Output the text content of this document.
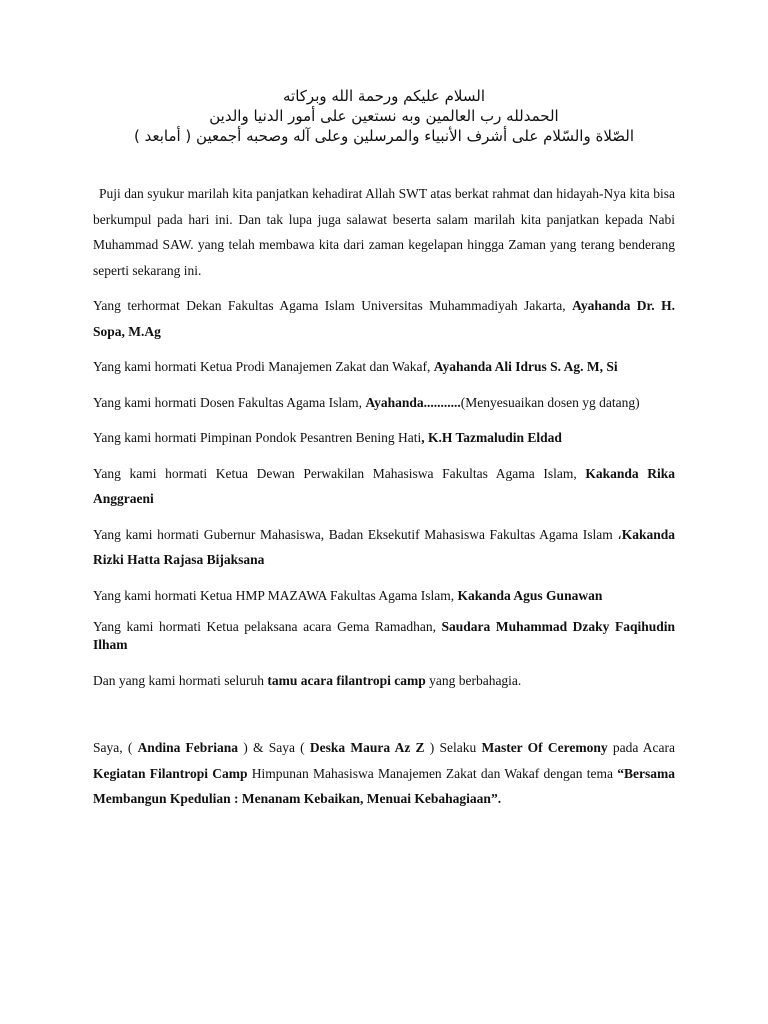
السلام عليكم ورحمة الله وبركاته
الحمدلله رب العالمين وبه نستعين على أمور الدنيا والدين
الصّلاة والسّلام على أشرف الأنبياء والمرسلين وعلى آله وصحبه أجمعين ( أمابعد )

Puji dan syukur marilah kita panjatkan kehadirat Allah SWT atas berkat rahmat dan hidayah-Nya kita bisa berkumpul pada hari ini. Dan tak lupa juga salawat beserta salam marilah kita panjatkan kepada Nabi Muhammad SAW. yang telah membawa kita dari zaman kegelapan hingga Zaman yang terang benderang seperti sekarang ini.

Yang terhormat Dekan Fakultas Agama Islam Universitas Muhammadiyah Jakarta, Ayahanda Dr. H. Sopa, M.Ag

Yang kami hormati Ketua Prodi Manajemen Zakat dan Wakaf, Ayahanda Ali Idrus S. Ag. M, Si

Yang kami hormati Dosen Fakultas Agama Islam, Ayahanda...........(Menyesuaikan dosen yg datang)

Yang kami hormati Pimpinan Pondok Pesantren Bening Hati, K.H Tazmaludin Eldad

Yang kami hormati Ketua Dewan Perwakilan Mahasiswa Fakultas Agama Islam, Kakanda Rika Anggraeni

Yang kami hormati Gubernur Mahasiswa, Badan Eksekutif Mahasiswa Fakultas Agama Islam ،Kakanda Rizki Hatta Rajasa Bijaksana

Yang kami hormati Ketua HMP MAZAWA Fakultas Agama Islam, Kakanda Agus Gunawan

Yang kami hormati Ketua pelaksana acara Gema Ramadhan, Saudara Muhammad Dzaky Faqihudin Ilham

Dan yang kami hormati seluruh tamu acara filantropi camp yang berbahagia.

Saya, ( Andina Febriana ) & Saya ( Deska Maura Az Z ) Selaku Master Of Ceremony pada Acara Kegiatan Filantropi Camp Himpunan Mahasiswa Manajemen Zakat dan Wakaf dengan tema “Bersama Membangun Kpedulian : Menanam Kebaikan, Menuai Kebahagiaan”.
